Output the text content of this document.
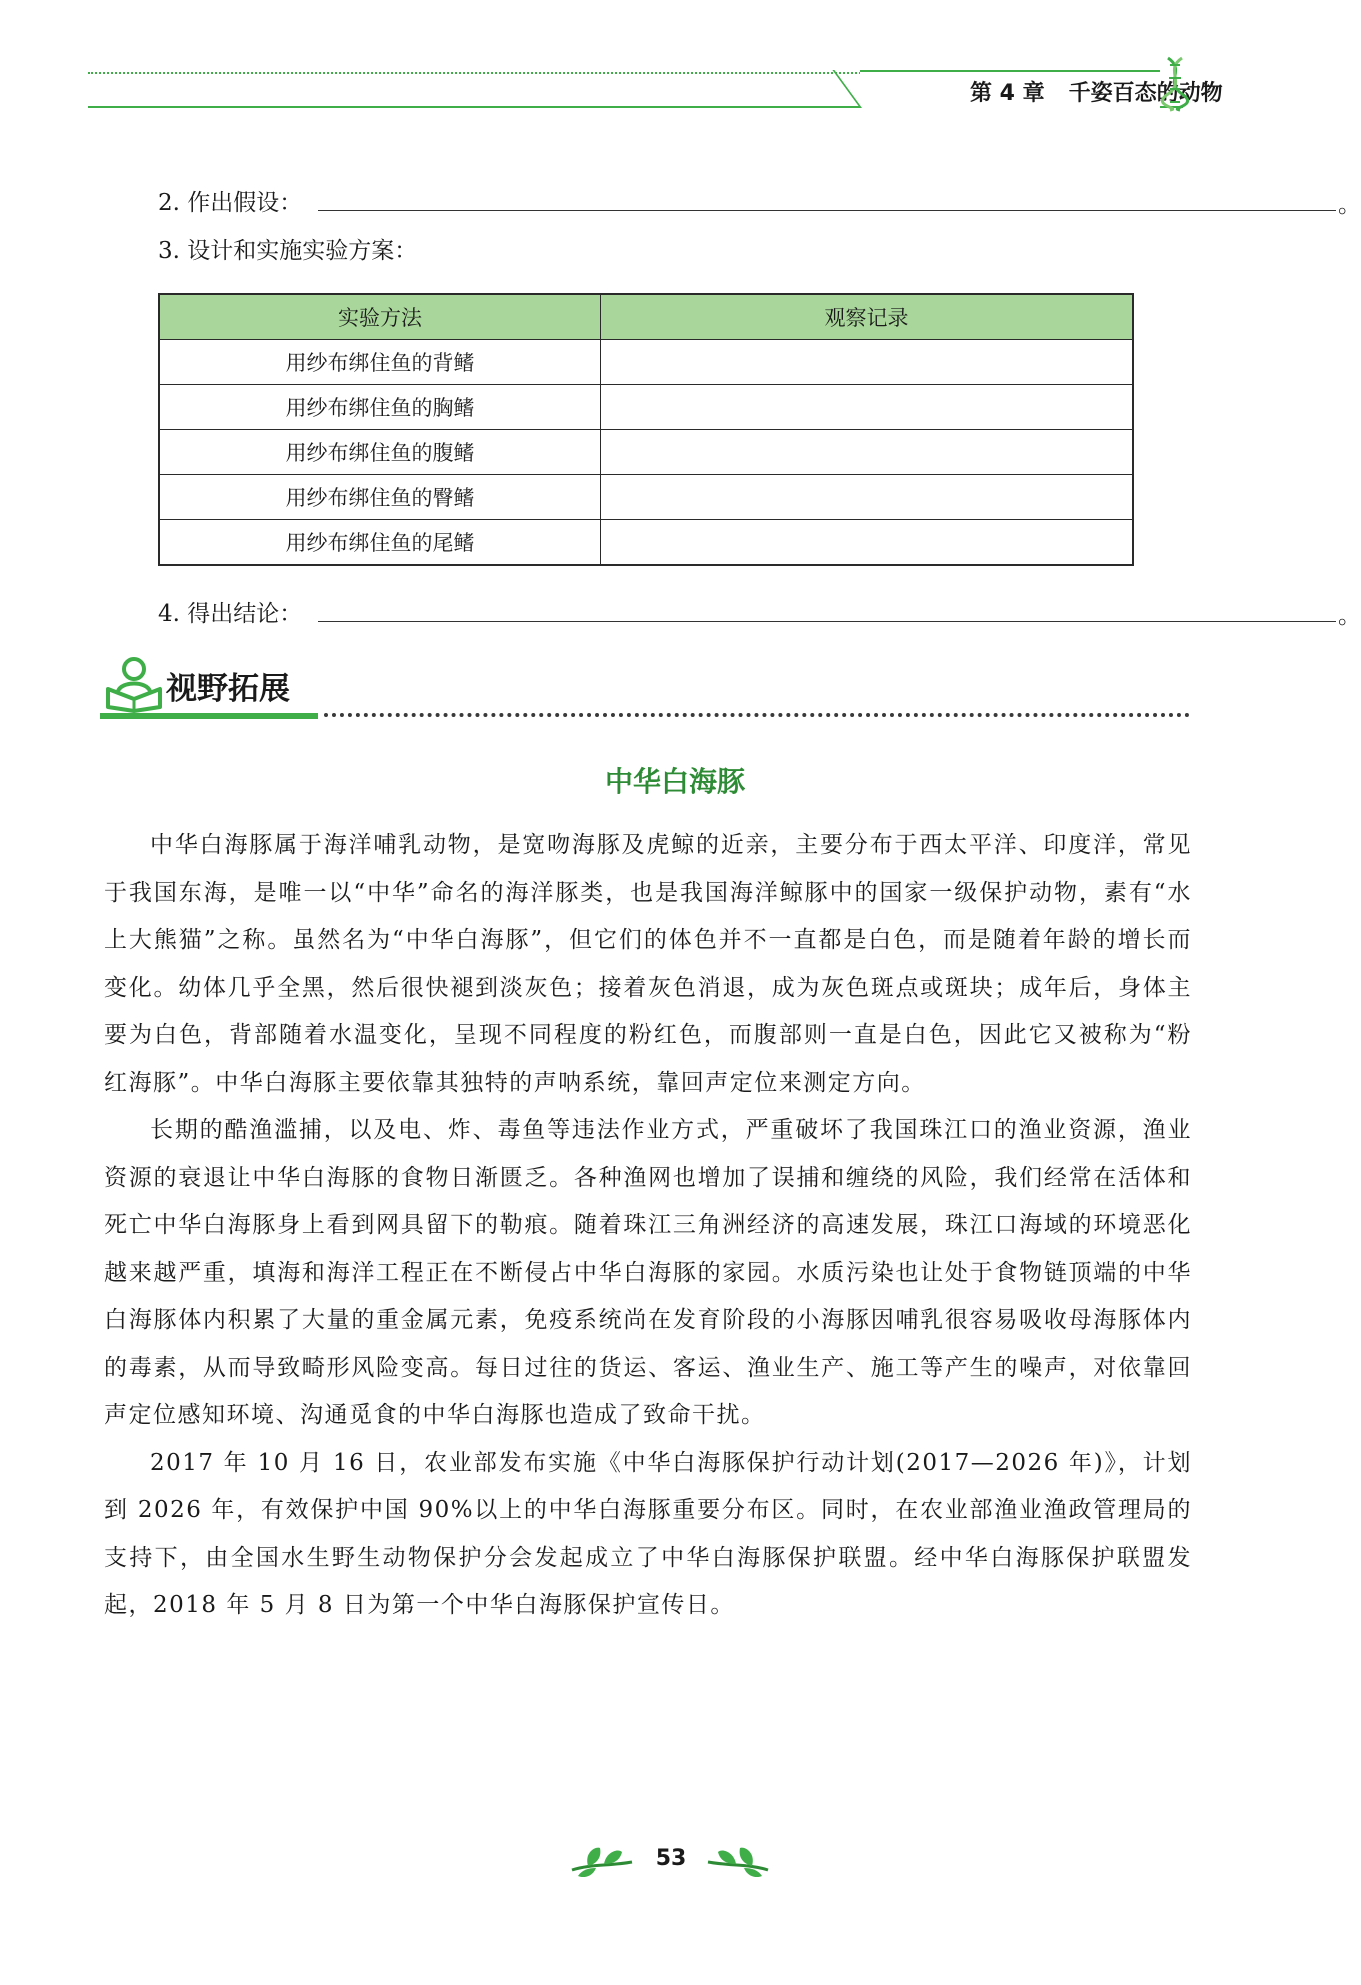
第 4 章 千姿百态的动物
2. 作出假设：	。
3. 设计和实施实验方案：
实验方法	观察记录
用纱布绑住鱼的背鳍	
用纱布绑住鱼的胸鳍	
用纱布绑住鱼的腹鳍	
用纱布绑住鱼的臀鳍	
用纱布绑住鱼的尾鳍	
4. 得出结论：	。
视野拓展
中华白海豚

中华白海豚属于海洋哺乳动物，是宽吻海豚及虎鲸的近亲，主要分布于西太平洋、印度洋，常见于我国东海，是唯一以“中华”命名的海洋豚类，也是我国海洋鲸豚中的国家一级保护动物，素有“水上大熊猫”之称。虽然名为“中华白海豚”，但它们的体色并不一直都是白色，而是随着年龄的增长而变化。幼体几乎全黑，然后很快褪到淡灰色；接着灰色消退，成为灰色斑点或斑块；成年后，身体主要为白色，背部随着水温变化，呈现不同程度的粉红色，而腹部则一直是白色，因此它又被称为“粉红海豚”。中华白海豚主要依靠其独特的声呐系统，靠回声定位来测定方向。

长期的酷渔滥捕，以及电、炸、毒鱼等违法作业方式，严重破坏了我国珠江口的渔业资源，渔业资源的衰退让中华白海豚的食物日渐匮乏。各种渔网也增加了误捕和缠绕的风险，我们经常在活体和死亡中华白海豚身上看到网具留下的勒痕。随着珠江三角洲经济的高速发展，珠江口海域的环境恶化越来越严重，填海和海洋工程正在不断侵占中华白海豚的家园。水质污染也让处于食物链顶端的中华白海豚体内积累了大量的重金属元素，免疫系统尚在发育阶段的小海豚因哺乳很容易吸收母海豚体内的毒素，从而导致畸形风险变高。每日过往的货运、客运、渔业生产、施工等产生的噪声，对依靠回声定位感知环境、沟通觅食的中华白海豚也造成了致命干扰。

2017 年 10 月 16 日，农业部发布实施《中华白海豚保护行动计划(2017—2026 年)》，计划到 2026 年，有效保护中国 90%以上的中华白海豚重要分布区。同时，在农业部渔业渔政管理局的支持下，由全国水生野生动物保护分会发起成立了中华白海豚保护联盟。经中华白海豚保护联盟发起，2018 年 5 月 8 日为第一个中华白海豚保护宣传日。

53
